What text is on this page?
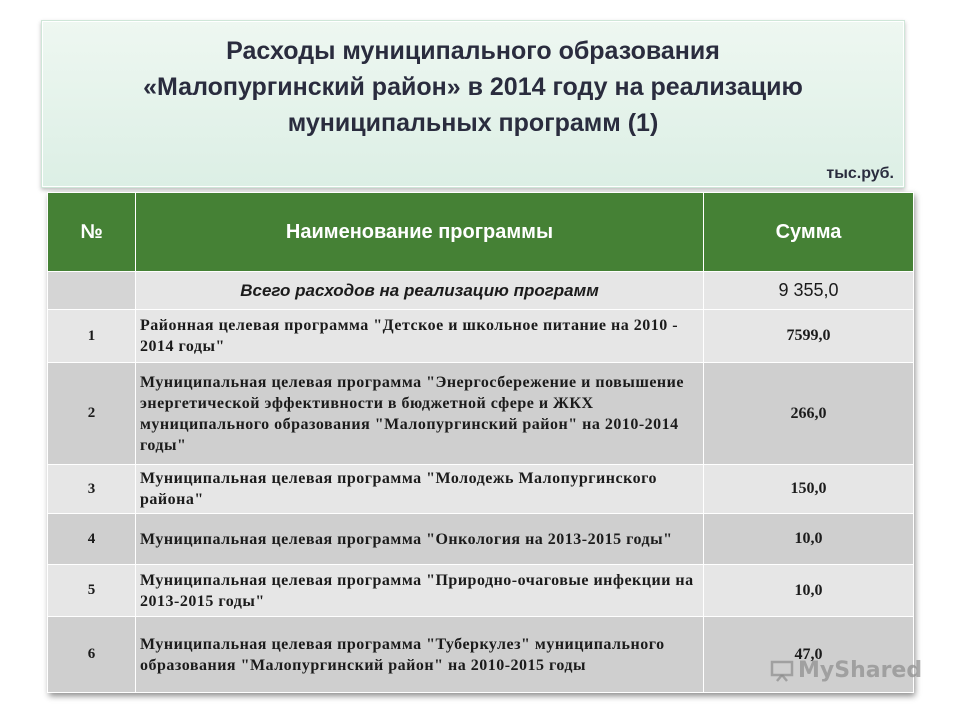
Расходы муниципального образования
«Малопургинский район» в 2014 году на реализацию
муниципальных программ (1)
тыс.руб.
№	Наименование программы	Сумма
	Всего расходов на реализацию программ	9 355,0
1	Районная целевая программа "Детское и школьное питание на 2010 - 2014 годы"	7599,0
2	Муниципальная целевая программа "Энергосбережение и повышение энергетической эффективности в бюджетной сфере и ЖКХ муниципального образования "Малопургинский район" на 2010-2014 годы"	266,0
3	Муниципальная целевая программа "Молодежь Малопургинского района"	150,0
4	Муниципальная целевая программа "Онкология на 2013-2015 годы"	10,0
5	Муниципальная целевая программа "Природно-очаговые инфекции на 2013-2015 годы"	10,0
6	Муниципальная целевая программа "Туберкулез" муниципального образования "Малопургинский район" на 2010-2015 годы	47,0
MyShared
